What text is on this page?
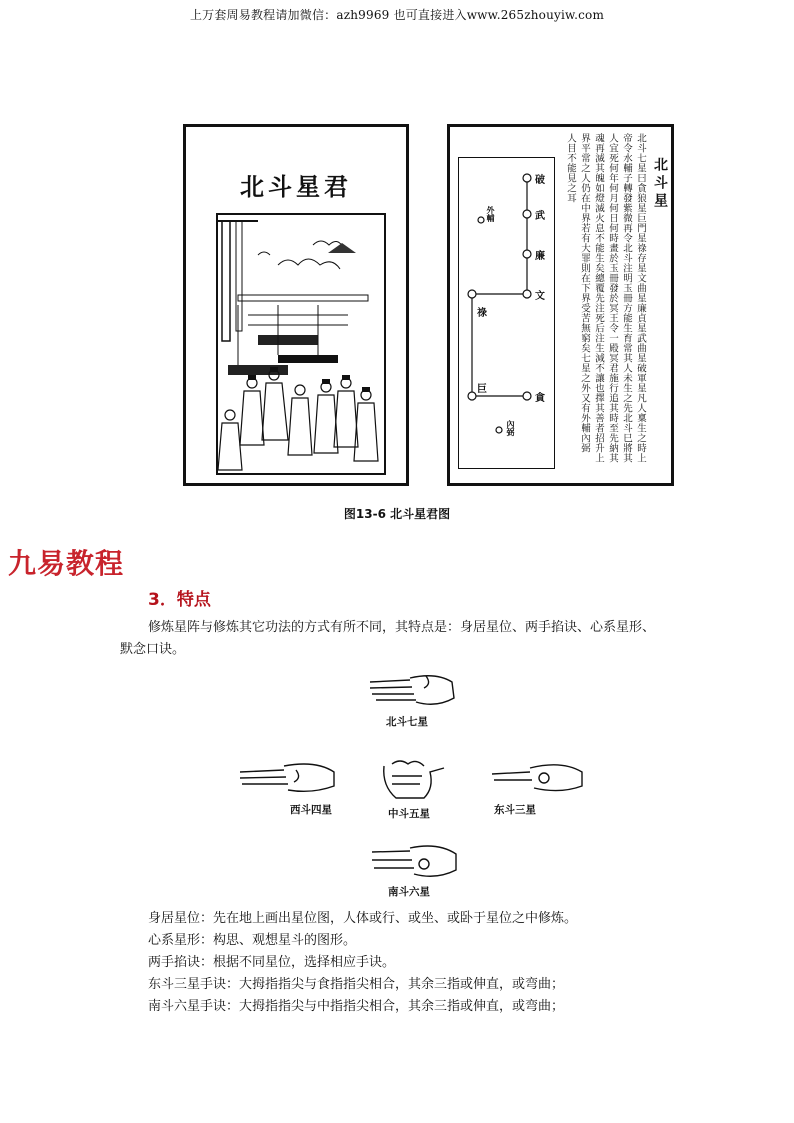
上万套周易教程请加微信：azh9969 也可直接进入www.265zhouyiw.com
北斗星君	破
武
廉
文
祿
巨
貪
外輔
內弼
北斗星
北斗七星曰貪狼星巨門星祿存星文曲星廉貞星武曲星破軍星凡人稟生之時上
帝令水輔子轉發紫微再令北斗注明玉冊方能生育常其人未生之先北斗巳將其
人宜死何年何月何日何時畫於玉冊發於冥王令一殿冥君施行追其時至先納其
魂再滅其魄如燈滅火息不能生矣總覆先注死后注生減不讓也擇其善者招升上
界平常之人仍在中界若有大罪則在下界受苦無窮矣七星之外又有外輔內弼
人目不能見之耳
图13-6 北斗星君图
九易教程
3．特点
修炼星阵与修炼其它功法的方式有所不同，其特点是：身居星位、两手掐诀、心系星形、
默念口诀。
北斗七星
西斗四星	中斗五星	东斗三星
南斗六星
身居星位：先在地上画出星位图，人体或行、或坐、或卧于星位之中修炼。
心系星形：构思、观想星斗的图形。
两手掐诀：根据不同星位，选择相应手诀。
东斗三星手诀：大拇指指尖与食指指尖相合，其余三指或伸直，或弯曲；
南斗六星手诀：大拇指指尖与中指指尖相合，其余三指或伸直，或弯曲；
